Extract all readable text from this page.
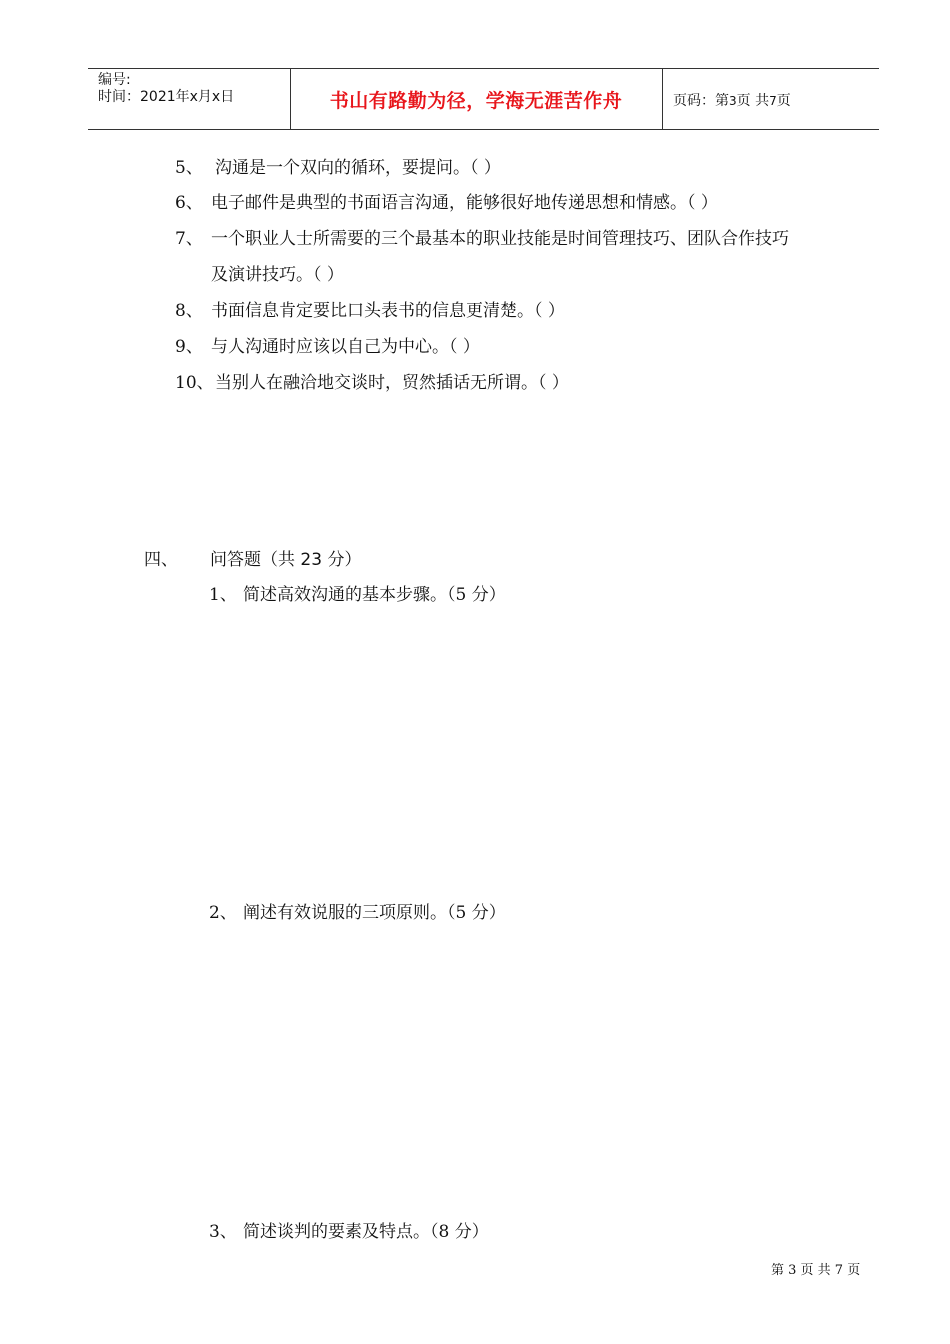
编号:
时间：2021年x月x日	书山有路勤为径，学海无涯苦作舟	页码：第3页 共7页
5、 沟通是一个双向的循环，要提问。（ ）
6、 电子邮件是典型的书面语言沟通，能够很好地传递思想和情感。（ ）
7、 一个职业人士所需要的三个最基本的职业技能是时间管理技巧、团队合作技巧
及演讲技巧。（ ）
8、 书面信息肯定要比口头表书的信息更清楚。（ ）
9、 与人沟通时应该以自己为中心。（ ）
10、当别人在融洽地交谈时，贸然插话无所谓。（ ）
四、 问答题（共 23 分）
1、 简述高效沟通的基本步骤。（5 分）
2、 阐述有效说服的三项原则。（5 分）
3、 简述谈判的要素及特点。（8 分）
第 3 页 共 7 页
